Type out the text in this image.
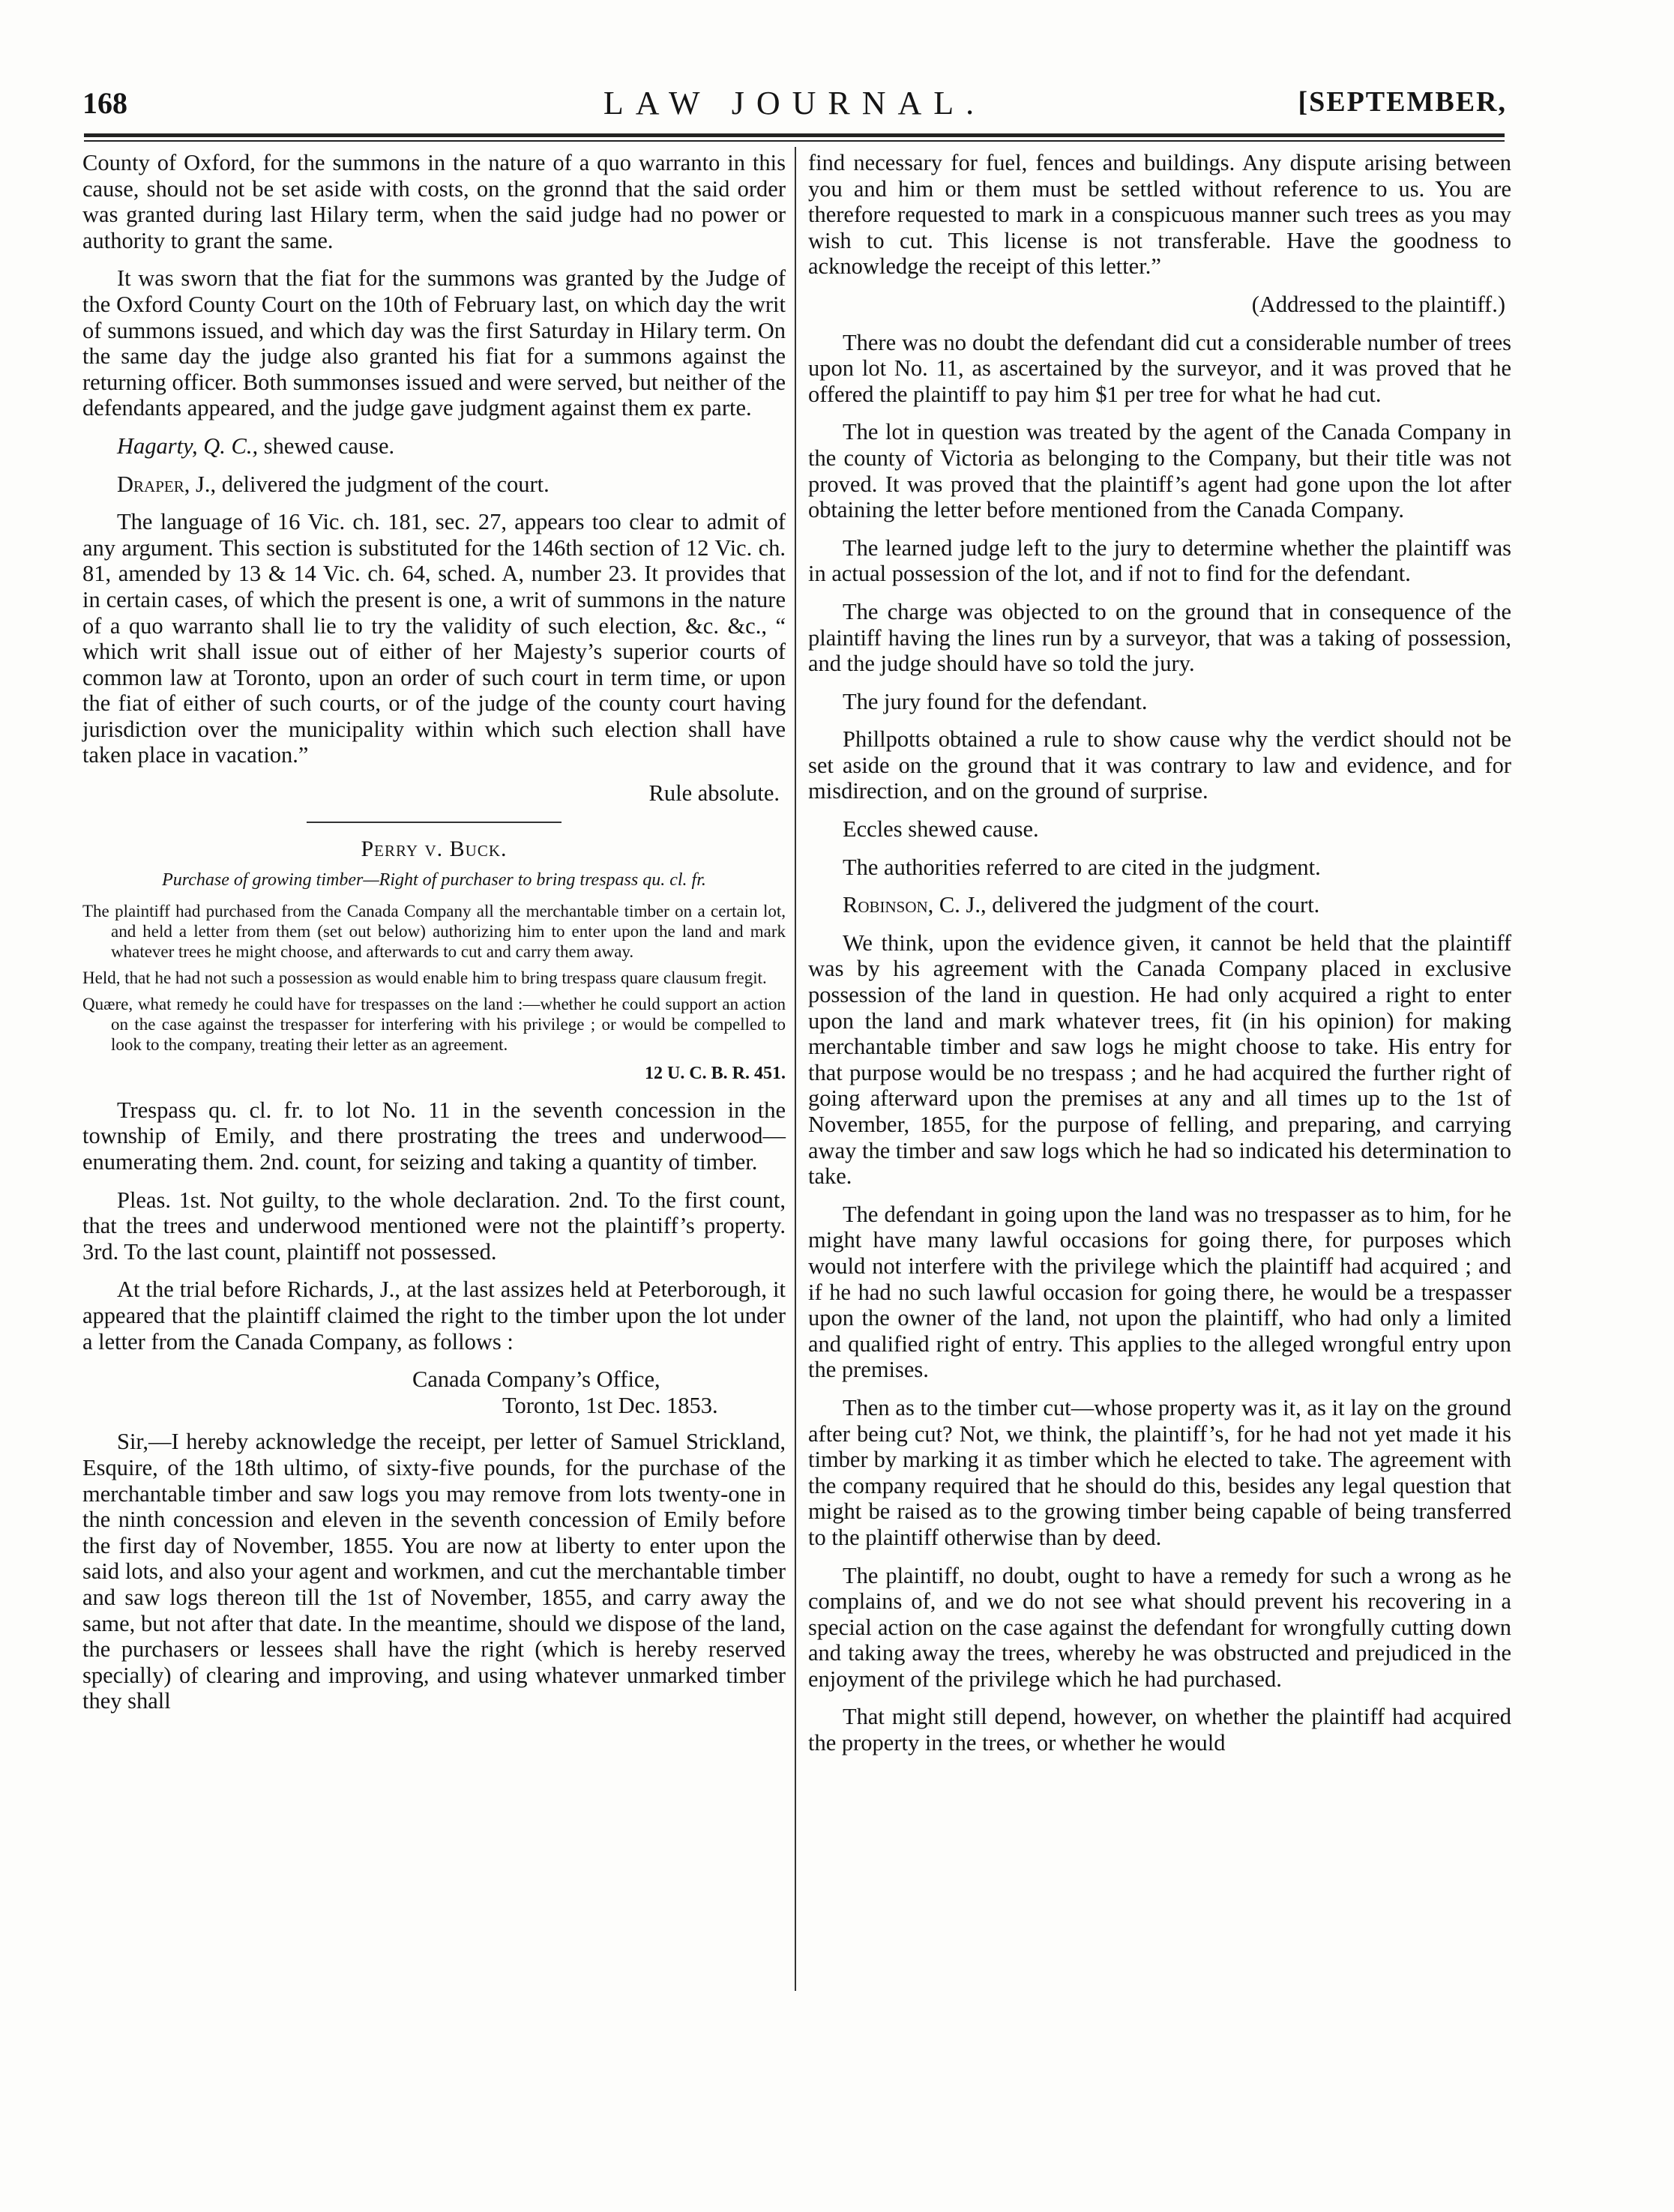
168	LAW JOURNAL.	[SEPTEMBER,

County of Oxford, for the summons in the nature of a quo warranto in this cause, should not be set aside with costs, on the gronnd that the said order was granted during last Hilary term, when the said judge had no power or authority to grant the same.

It was sworn that the fiat for the summons was granted by the Judge of the Oxford County Court on the 10th of February last, on which day the writ of summons issued, and which day was the first Saturday in Hilary term. On the same day the judge also granted his fiat for a summons against the returning officer. Both summonses issued and were served, but neither of the defendants appeared, and the judge gave judgment against them ex parte.

Hagarty, Q. C., shewed cause.

Draper, J., delivered the judgment of the court.

The language of 16 Vic. ch. 181, sec. 27, appears too clear to admit of any argument. This section is substituted for the 146th section of 12 Vic. ch. 81, amended by 13 & 14 Vic. ch. 64, sched. A, number 23. It provides that in certain cases, of which the present is one, a writ of summons in the nature of a quo warranto shall lie to try the validity of such election, &c. &c., “ which writ shall issue out of either of her Majesty’s superior courts of common law at Toronto, upon an order of such court in term time, or upon the fiat of either of such courts, or of the judge of the county court having jurisdiction over the municipality within which such election shall have taken place in vacation.”

Rule absolute.

Perry v. Buck.

Purchase of growing timber—Right of purchaser to bring trespass qu. cl. fr.

The plaintiff had purchased from the Canada Company all the merchantable timber on a certain lot, and held a letter from them (set out below) authorizing him to enter upon the land and mark whatever trees he might choose, and afterwards to cut and carry them away.

Held, that he had not such a possession as would enable him to bring trespass quare clausum fregit.

Quære, what remedy he could have for trespasses on the land :—whether he could support an action on the case against the trespasser for interfering with his privilege ; or would be compelled to look to the company, treating their letter as an agreement.

12 U. C. B. R. 451.

Trespass qu. cl. fr. to lot No. 11 in the seventh concession in the township of Emily, and there prostrating the trees and underwood—enumerating them. 2nd. count, for seizing and taking a quantity of timber.

Pleas. 1st. Not guilty, to the whole declaration. 2nd. To the first count, that the trees and underwood mentioned were not the plaintiff’s property. 3rd. To the last count, plaintiff not possessed.

At the trial before Richards, J., at the last assizes held at Peterborough, it appeared that the plaintiff claimed the right to the timber upon the lot under a letter from the Canada Company, as follows :

Canada Company’s Office,
Toronto, 1st Dec. 1853.

Sir,—I hereby acknowledge the receipt, per letter of Samuel Strickland, Esquire, of the 18th ultimo, of sixty-five pounds, for the purchase of the merchantable timber and saw logs you may remove from lots twenty-one in the ninth concession and eleven in the seventh concession of Emily before the first day of November, 1855. You are now at liberty to enter upon the said lots, and also your agent and workmen, and cut the merchantable timber and saw logs thereon till the 1st of November, 1855, and carry away the same, but not after that date. In the meantime, should we dispose of the land, the purchasers or lessees shall have the right (which is hereby reserved specially) of clearing and improving, and using whatever unmarked timber they shall

find necessary for fuel, fences and buildings. Any dispute arising between you and him or them must be settled without reference to us. You are therefore requested to mark in a conspicuous manner such trees as you may wish to cut. This license is not transferable. Have the goodness to acknowledge the receipt of this letter.”

(Addressed to the plaintiff.)

There was no doubt the defendant did cut a considerable number of trees upon lot No. 11, as ascertained by the surveyor, and it was proved that he offered the plaintiff to pay him $1 per tree for what he had cut.

The lot in question was treated by the agent of the Canada Company in the county of Victoria as belonging to the Company, but their title was not proved. It was proved that the plaintiff’s agent had gone upon the lot after obtaining the letter before mentioned from the Canada Company.

The learned judge left to the jury to determine whether the plaintiff was in actual possession of the lot, and if not to find for the defendant.

The charge was objected to on the ground that in consequence of the plaintiff having the lines run by a surveyor, that was a taking of possession, and the judge should have so told the jury.

The jury found for the defendant.

Phillpotts obtained a rule to show cause why the verdict should not be set aside on the ground that it was contrary to law and evidence, and for misdirection, and on the ground of surprise.

Eccles shewed cause.

The authorities referred to are cited in the judgment.

Robinson, C. J., delivered the judgment of the court.

We think, upon the evidence given, it cannot be held that the plaintiff was by his agreement with the Canada Company placed in exclusive possession of the land in question. He had only acquired a right to enter upon the land and mark whatever trees, fit (in his opinion) for making merchantable timber and saw logs he might choose to take. His entry for that purpose would be no trespass ; and he had acquired the further right of going afterward upon the premises at any and all times up to the 1st of November, 1855, for the purpose of felling, and preparing, and carrying away the timber and saw logs which he had so indicated his determination to take.

The defendant in going upon the land was no trespasser as to him, for he might have many lawful occasions for going there, for purposes which would not interfere with the privilege which the plaintiff had acquired ; and if he had no such lawful occasion for going there, he would be a trespasser upon the owner of the land, not upon the plaintiff, who had only a limited and qualified right of entry. This applies to the alleged wrongful entry upon the premises.

Then as to the timber cut—whose property was it, as it lay on the ground after being cut? Not, we think, the plaintiff’s, for he had not yet made it his timber by marking it as timber which he elected to take. The agreement with the company required that he should do this, besides any legal question that might be raised as to the growing timber being capable of being transferred to the plaintiff otherwise than by deed.

The plaintiff, no doubt, ought to have a remedy for such a wrong as he complains of, and we do not see what should prevent his recovering in a special action on the case against the defendant for wrongfully cutting down and taking away the trees, whereby he was obstructed and prejudiced in the enjoyment of the privilege which he had purchased.

That might still depend, however, on whether the plaintiff had acquired the property in the trees, or whether he would
